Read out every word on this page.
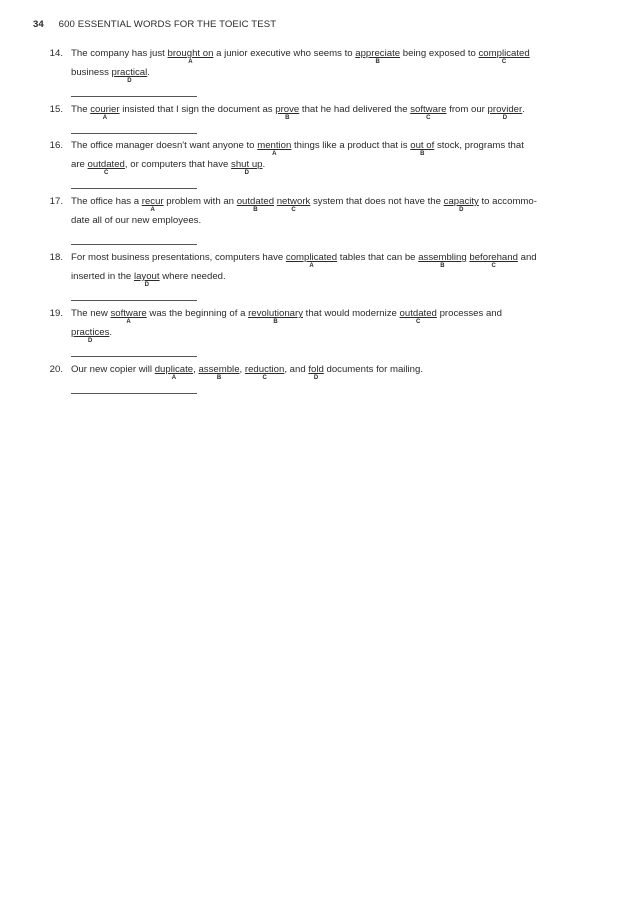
34 600 ESSENTIAL WORDS FOR THE TOEIC TEST
14. The company has just brought on
A
a junior executive who seems to appreciate
B
being exposed to complicated
C
business practical
D
.
15. The courier
A
insisted that I sign the document as prove
B
that he had delivered the software
C
from our provider
D
.
16. The office manager doesn't want anyone to mention
A
things like a product that is out of
B
stock, programs that
are outdated
C
, or computers that have shut up
D
.
17. The office has a recur
A
problem with an outdated
B
network
C
system that does not have the capacity
D
to accommo-
date all of our new employees.
18. For most business presentations, computers have complicated
A
tables that can be assembling
B
beforehand
C
and
inserted in the layout
D
where needed.
19. The new software
A
was the beginning of a revolutionary
B
that would modernize outdated
C
processes and
practices
D
.
20. Our new copier will duplicate
A
, assemble
B
, reduction
C
, and fold
D
documents for mailing.
